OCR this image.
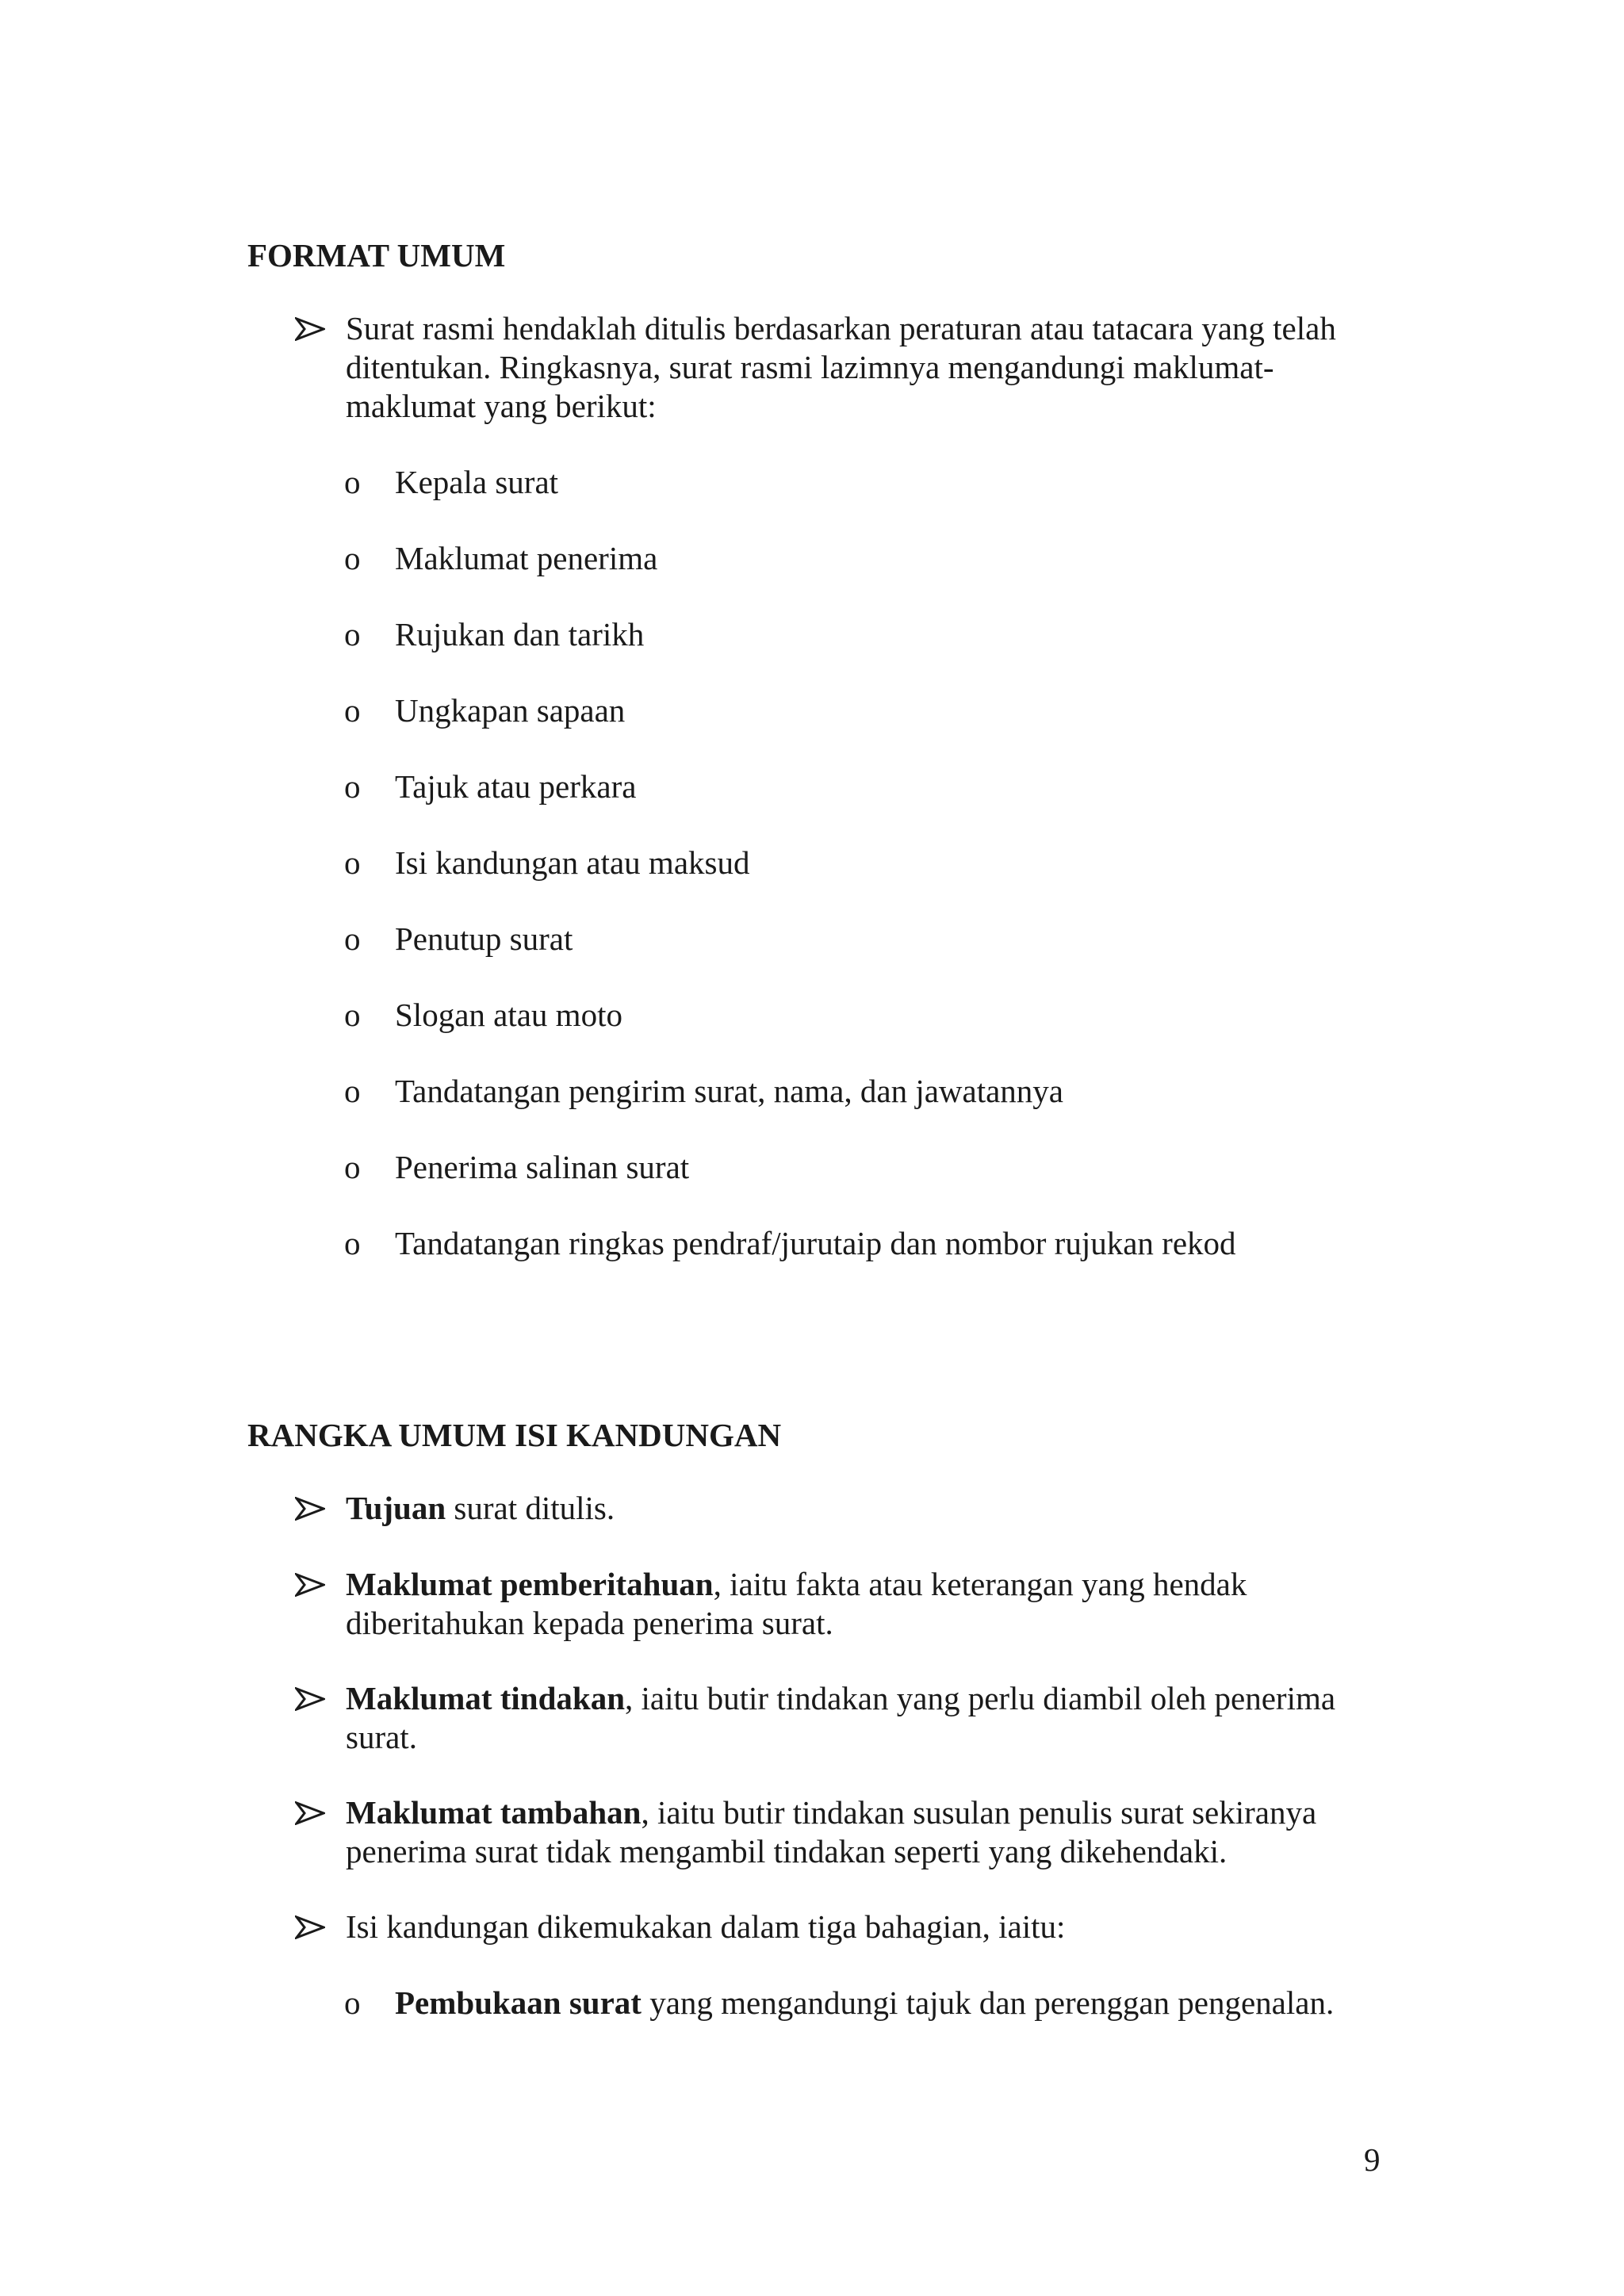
FORMAT UMUM
Surat rasmi hendaklah ditulis berdasarkan peraturan atau tatacara yang telah ditentukan. Ringkasnya, surat rasmi lazimnya mengandungi maklumat-maklumat yang berikut:
o Kepala surat
o Maklumat penerima
o Rujukan dan tarikh
o Ungkapan sapaan
o Tajuk atau perkara
o Isi kandungan atau maksud
o Penutup surat
o Slogan atau moto
o Tandatangan pengirim surat, nama, dan jawatannya
o Penerima salinan surat
o Tandatangan ringkas pendraf/jurutaip dan nombor rujukan rekod
RANGKA UMUM ISI KANDUNGAN
Tujuan surat ditulis.
Maklumat pemberitahuan, iaitu fakta atau keterangan yang hendak diberitahukan kepada penerima surat.
Maklumat tindakan, iaitu butir tindakan yang perlu diambil oleh penerima surat.
Maklumat tambahan, iaitu butir tindakan susulan penulis surat sekiranya penerima surat tidak mengambil tindakan seperti yang dikehendaki.
Isi kandungan dikemukakan dalam tiga bahagian, iaitu:
o Pembukaan surat yang mengandungi tajuk dan perenggan pengenalan.
9
